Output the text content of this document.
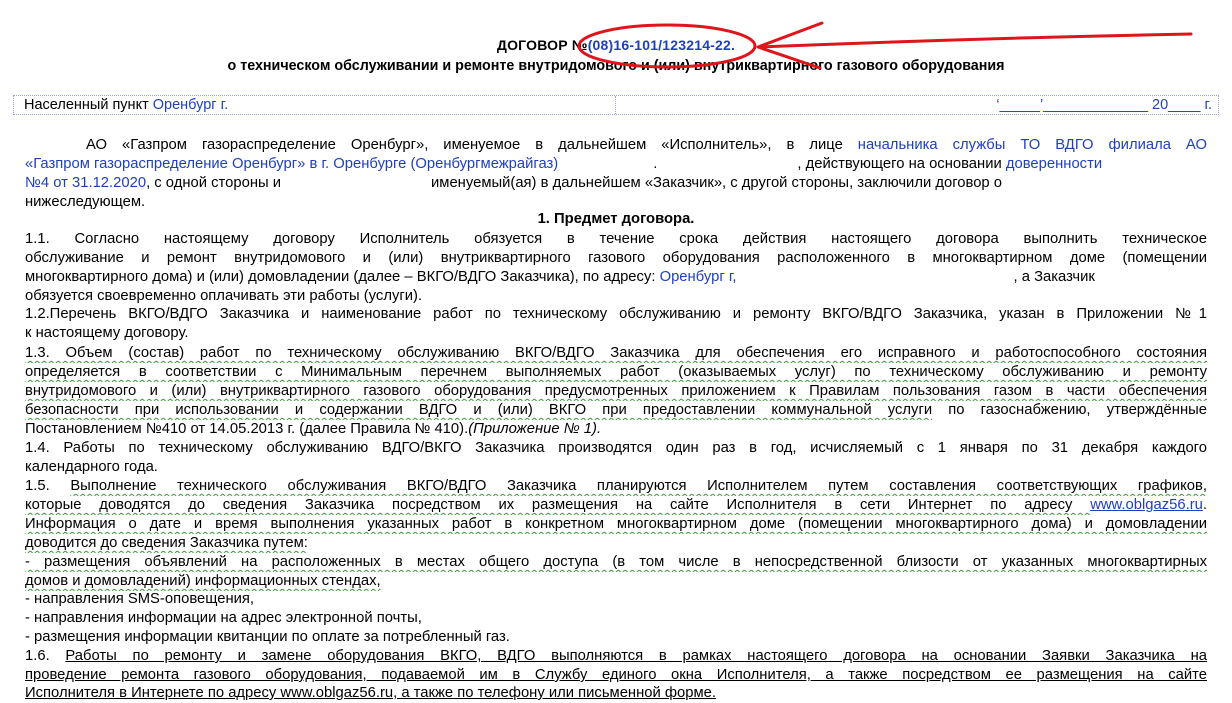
ДОГОВОР №(08)16-101/123214-22.
о техническом обслуживании и ремонте внутридомового и (или) внутриквартирного газового оборудования
Населенный пункт Оренбург г.	‘_____’_____________ 20____ г.
АО «Газпром газораспределение Оренбург», именуемое в дальнейшем «Исполнитель», в лице начальника службы ТО ВДГО филиала АО
«Газпром газораспределение Оренбург» в г. Оренбурге (Оренбургмежрайгаз)	.	, действующего на основании доверенности
№4 от 31.12.2020, с одной стороны и	именуемый(ая) в дальнейшем «Заказчик», с другой стороны, заключили договор о
нижеследующем.
1. Предмет договора.
1.1. Согласно настоящему договору Исполнитель обязуется в течение срока действия настоящего договора выполнить техническое
обслуживание и ремонт внутридомового и (или) внутриквартирного газового оборудования расположенного в многоквартирном доме (помещении
многоквартирного дома) и (или) домовладении (далее – ВКГО/ВДГО Заказчика), по адресу: Оренбург г,	, а Заказчик
обязуется своевременно оплачивать эти работы (услуги).
1.2.Перечень ВКГО/ВДГО Заказчика и наименование работ по техническому обслуживанию и ремонту ВКГО/ВДГО Заказчика, указан в Приложении №1
к настоящему договору.
1.3. Объем (состав) работ по техническому обслуживанию ВКГО/ВДГО Заказчика для обеспечения его исправного и работоспособного состояния
определяется в соответствии с Минимальным перечнем выполняемых работ (оказываемых услуг) по техническому обслуживанию и ремонту
внутридомового и (или) внутриквартирного газового оборудования предусмотренных приложением к Правилам пользования газом в части обеспечения
безопасности при использовании и содержании ВДГО и (или) ВКГО при предоставлении коммунальной услуги по газоснабжению, утверждённые
Постановлением №410 от 14.05.2013 г. (далее Правила № 410).(Приложение № 1).
1.4. Работы по техническому обслуживанию ВДГО/ВКГО Заказчика производятся один раз в год, исчисляемый с 1 января по 31 декабря каждого
календарного года.
1.5. Выполнение технического обслуживания ВКГО/ВДГО Заказчика планируются Исполнителем путем составления соответствующих графиков,
которые доводятся до сведения Заказчика посредством их размещения на сайте Исполнителя в сети Интернет по адресу www.oblgaz56.ru.
Информация о дате и время выполнения указанных работ в конкретном многоквартирном доме (помещении многоквартирного дома) и домовладении
доводится до сведения Заказчика путем:
- размещения объявлений на расположенных в местах общего доступа (в том числе в непосредственной близости от указанных многоквартирных
домов и домовладений) информационных стендах,
- направления SMS-оповещения,
- направления информации на адрес электронной почты,
- размещения информации квитанции по оплате за потребленный газ.
1.6. Работы по ремонту и замене оборудования ВКГО, ВДГО выполняются в рамках настоящего договора на основании Заявки Заказчика на
проведение ремонта газового оборудования, подаваемой им в Службу единого окна Исполнителя, а также посредством ее размещения на сайте
Исполнителя в Интернете по адресу www.oblgaz56.ru, а также по телефону или письменной форме.
